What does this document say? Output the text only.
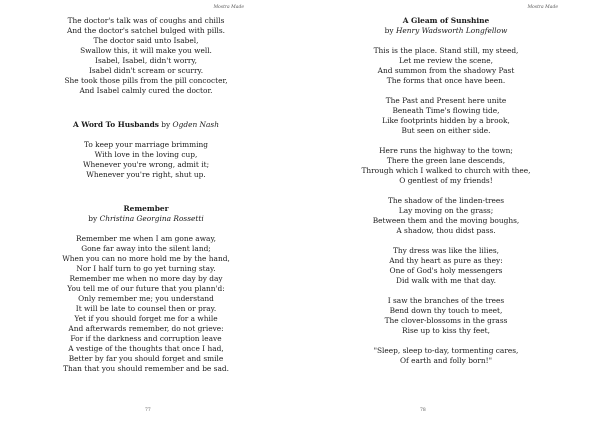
Mostra Made
The doctor's talk was of coughs and chills
And the doctor's satchel bulged with pills.
The doctor said unto Isabel,
Swallow this, it will make you well.
Isabel, Isabel, didn't worry,
Isabel didn't scream or scurry.
She took those pills from the pill concocter,
And Isabel calmly cured the doctor.
A Word To Husbands by Ogden Nash
To keep your marriage brimming
With love in the loving cup,
Whenever you're wrong, admit it;
Whenever you're right, shut up.
Remember
by Christina Georgina Rossetti
Remember me when I am gone away,
Gone far away into the silent land;
When you can no more hold me by the hand,
Nor I half turn to go yet turning stay.
Remember me when no more day by day
You tell me of our future that you plann'd:
Only remember me; you understand
It will be late to counsel then or pray.
Yet if you should forget me for a while
And afterwards remember, do not grieve:
For if the darkness and corruption leave
A vestige of the thoughts that once I had,
Better by far you should forget and smile
Than that you should remember and be sad.
77
Mostra Made
A Gleam of Sunshine
by Henry Wadsworth Longfellow
This is the place. Stand still, my steed,
Let me review the scene,
And summon from the shadowy Past
The forms that once have been.
The Past and Present here unite
Beneath Time's flowing tide,
Like footprints hidden by a brook,
But seen on either side.
Here runs the highway to the town;
There the green lane descends,
Through which I walked to church with thee,
O gentlest of my friends!
The shadow of the linden-trees
Lay moving on the grass;
Between them and the moving boughs,
A shadow, thou didst pass.
Thy dress was like the lilies,
And thy heart as pure as they:
One of God's holy messengers
Did walk with me that day.
I saw the branches of the trees
Bend down thy touch to meet,
The clover-blossoms in the grass
Rise up to kiss thy feet,
"Sleep, sleep to-day, tormenting cares,
Of earth and folly born!"
78
